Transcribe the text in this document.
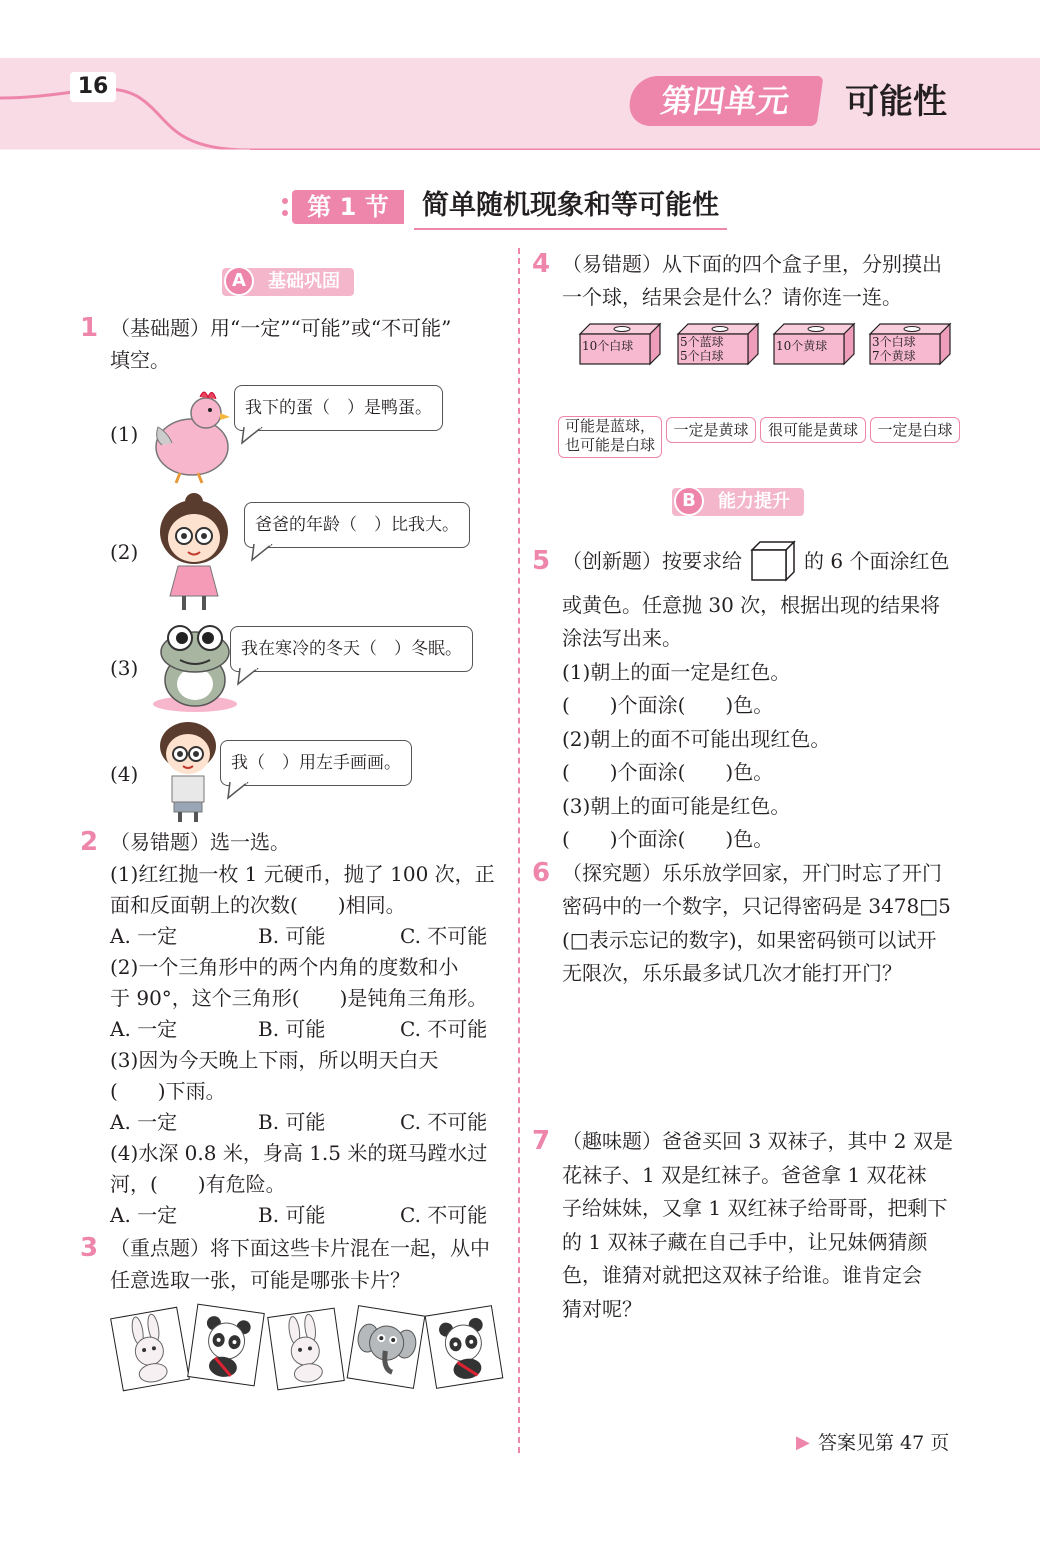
16	第四单元	可能性
第 1 节	简单随机现象和等可能性
基础巩固
A
1 （基础题）用“一定”“可能”或“不可能”
填空。
(1)
我下的蛋（　）是鸭蛋。
(2)
爸爸的年龄（　）比我大。
(3)
我在寒冷的冬天（　）冬眠。
(4)	我（　）用左手画画。
2 （易错题）选一选。
(1)红红抛一枚 1 元硬币，抛了 100 次，正
面和反面朝上的次数(　　)相同。
A. 一定	B. 可能	C. 不可能
(2)一个三角形中的两个内角的度数和小
于 90°，这个三角形(　　)是钝角三角形。
A. 一定	B. 可能	C. 不可能
(3)因为今天晚上下雨，所以明天白天
(　　)下雨。
A. 一定	B. 可能	C. 不可能
(4)水深 0.8 米，身高 1.5 米的斑马蹚水过
河，(　　)有危险。
A. 一定	B. 可能	C. 不可能
3 （重点题）将下面这些卡片混在一起，从中
任意选取一张，可能是哪张卡片？
4 （易错题）从下面的四个盒子里，分别摸出
一个球，结果会是什么？请你连一连。
10个白球	5个蓝球
5个白球
10个黄球	3个白球
7个黄球
可能是蓝球，
也可能是白球
一定是黄球	很可能是黄球	一定是白球
能力提升
B
5 （创新题）按要求给	的 6 个面涂红色
或黄色。任意抛 30 次，根据出现的结果将
涂法写出来。
(1)朝上的面一定是红色。
(　　)个面涂(　　)色。
(2)朝上的面不可能出现红色。
(　　)个面涂(　　)色。
(3)朝上的面可能是红色。
(　　)个面涂(　　)色。
6 （探究题）乐乐放学回家，开门时忘了开门
密码中的一个数字，只记得密码是 3478□5
(□表示忘记的数字)，如果密码锁可以试开
无限次，乐乐最多试几次才能打开门？
7 （趣味题）爸爸买回 3 双袜子，其中 2 双是
花袜子、1 双是红袜子。爸爸拿 1 双花袜
子给妹妹，又拿 1 双红袜子给哥哥，把剩下
的 1 双袜子藏在自己手中，让兄妹俩猜颜
色，谁猜对就把这双袜子给谁。谁肯定会
猜对呢？
▶ 答案见第 47 页
